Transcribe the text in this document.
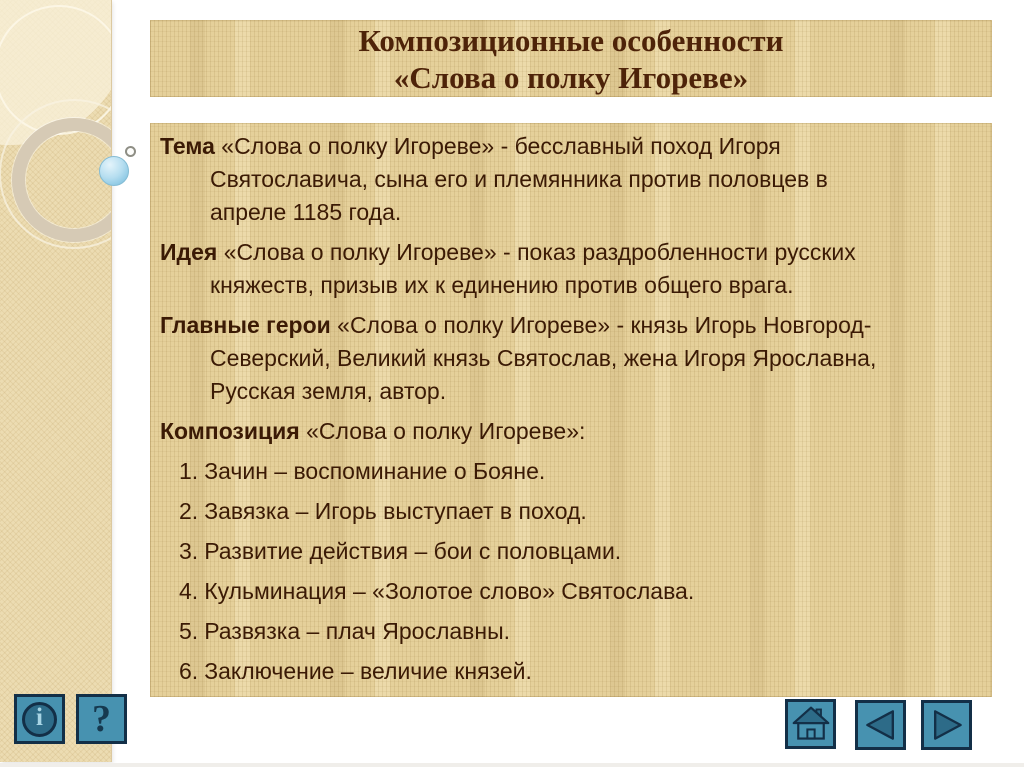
Композиционные особенности
«Слова о полку Игореве»
Тема «Слова о полку Игореве» - бесславный поход Игоря
Святославича, сына его и племянника против половцев в
апреле 1185 года.
Идея «Слова о полку Игореве» - показ раздробленности русских
княжеств, призыв их к единению против общего врага.
Главные герои «Слова о полку Игореве» - князь Игорь Новгород-
Северский, Великий князь Святослав, жена Игоря Ярославна,
Русская земля, автор.
Композиция «Слова о полку Игореве»:
1. Зачин – воспоминание о Бояне.
2. Завязка – Игорь выступает в поход.
3. Развитие действия – бои с половцами.
4. Кульминация – «Золотое слово» Святослава.
5. Развязка – плач Ярославны.
6. Заключение – величие князей.
i ?
